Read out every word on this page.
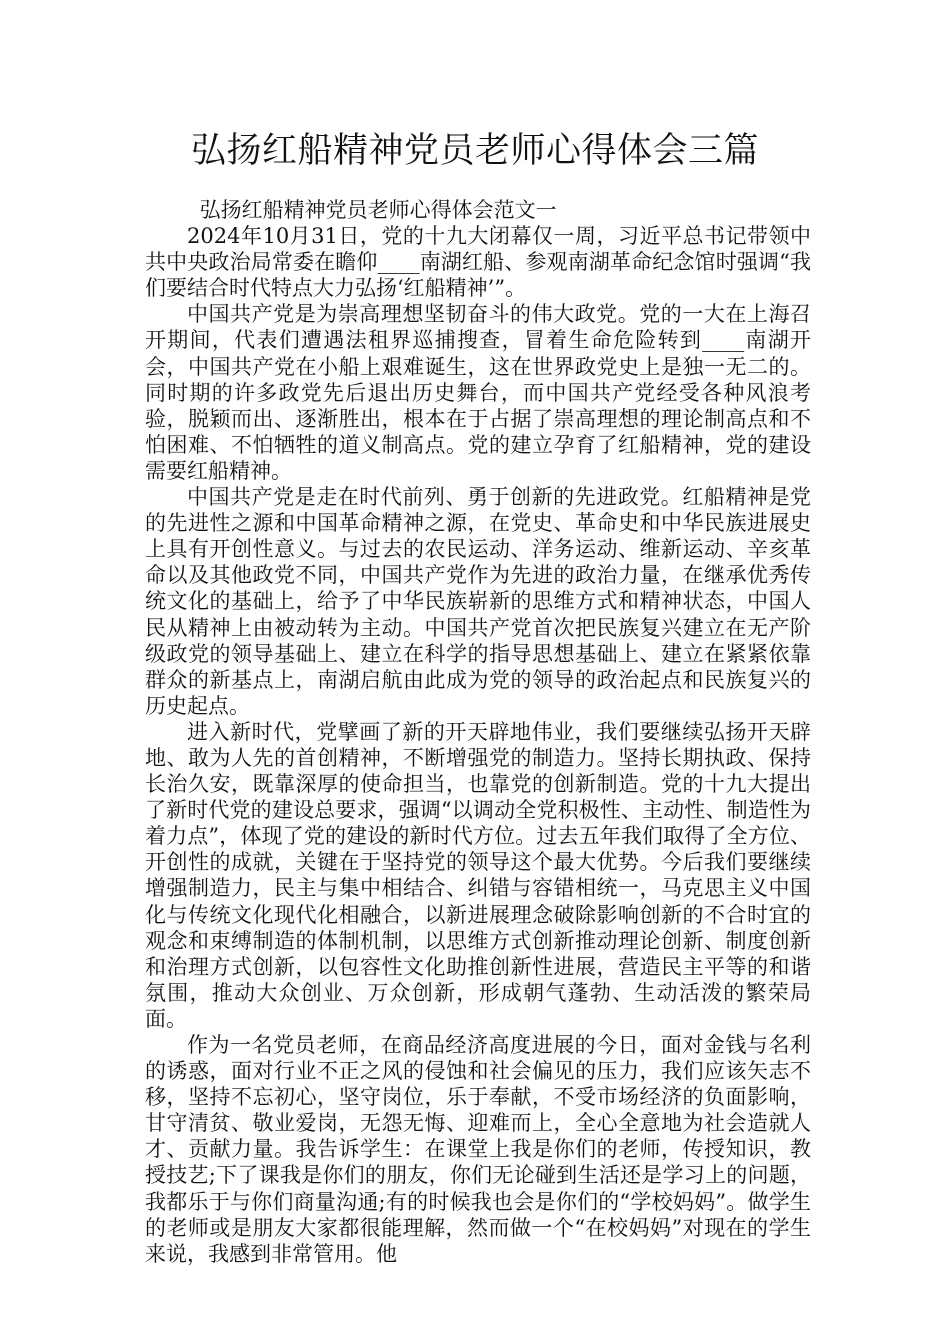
弘扬红船精神党员老师心得体会三篇

弘扬红船精神党员老师心得体会范文一

2024年10月31日，党的十九大闭幕仅一周，习近平总书记带领中共中央政治局常委在瞻仰____南湖红船、参观南湖革命纪念馆时强调“我们要结合时代特点大力弘扬‘红船精神’”。

中国共产党是为崇高理想坚韧奋斗的伟大政党。党的一大在上海召开期间，代表们遭遇法租界巡捕搜查，冒着生命危险转到____南湖开会，中国共产党在小船上艰难诞生，这在世界政党史上是独一无二的。同时期的许多政党先后退出历史舞台，而中国共产党经受各种风浪考验，脱颖而出、逐渐胜出，根本在于占据了崇高理想的理论制高点和不怕困难、不怕牺牲的道义制高点。党的建立孕育了红船精神，党的建设需要红船精神。

中国共产党是走在时代前列、勇于创新的先进政党。红船精神是党的先进性之源和中国革命精神之源，在党史、革命史和中华民族进展史上具有开创性意义。与过去的农民运动、洋务运动、维新运动、辛亥革命以及其他政党不同，中国共产党作为先进的政治力量，在继承优秀传统文化的基础上，给予了中华民族崭新的思维方式和精神状态，中国人民从精神上由被动转为主动。中国共产党首次把民族复兴建立在无产阶级政党的领导基础上、建立在科学的指导思想基础上、建立在紧紧依靠群众的新基点上，南湖启航由此成为党的领导的政治起点和民族复兴的历史起点。

进入新时代，党擘画了新的开天辟地伟业，我们要继续弘扬开天辟地、敢为人先的首创精神，不断增强党的制造力。坚持长期执政、保持长治久安，既靠深厚的使命担当，也靠党的创新制造。党的十九大提出了新时代党的建设总要求，强调“以调动全党积极性、主动性、制造性为着力点”，体现了党的建设的新时代方位。过去五年我们取得了全方位、开创性的成就，关键在于坚持党的领导这个最大优势。今后我们要继续增强制造力，民主与集中相结合、纠错与容错相统一，马克思主义中国化与传统文化现代化相融合，以新进展理念破除影响创新的不合时宜的观念和束缚制造的体制机制，以思维方式创新推动理论创新、制度创新和治理方式创新，以包容性文化助推创新性进展，营造民主平等的和谐氛围，推动大众创业、万众创新，形成朝气蓬勃、生动活泼的繁荣局面。

作为一名党员老师，在商品经济高度进展的今日，面对金钱与名利的诱惑，面对行业不正之风的侵蚀和社会偏见的压力，我们应该矢志不移，坚持不忘初心，坚守岗位，乐于奉献，不受市场经济的负面影响，甘守清贫、敬业爱岗，无怨无悔、迎难而上，全心全意地为社会造就人才、贡献力量。我告诉学生：在课堂上我是你们的老师，传授知识，教授技艺;下了课我是你们的朋友，你们无论碰到生活还是学习上的问题，我都乐于与你们商量沟通;有的时候我也会是你们的“学校妈妈”。做学生的老师或是朋友大家都很能理解，然而做一个“在校妈妈”对现在的学生来说，我感到非常管用。他
